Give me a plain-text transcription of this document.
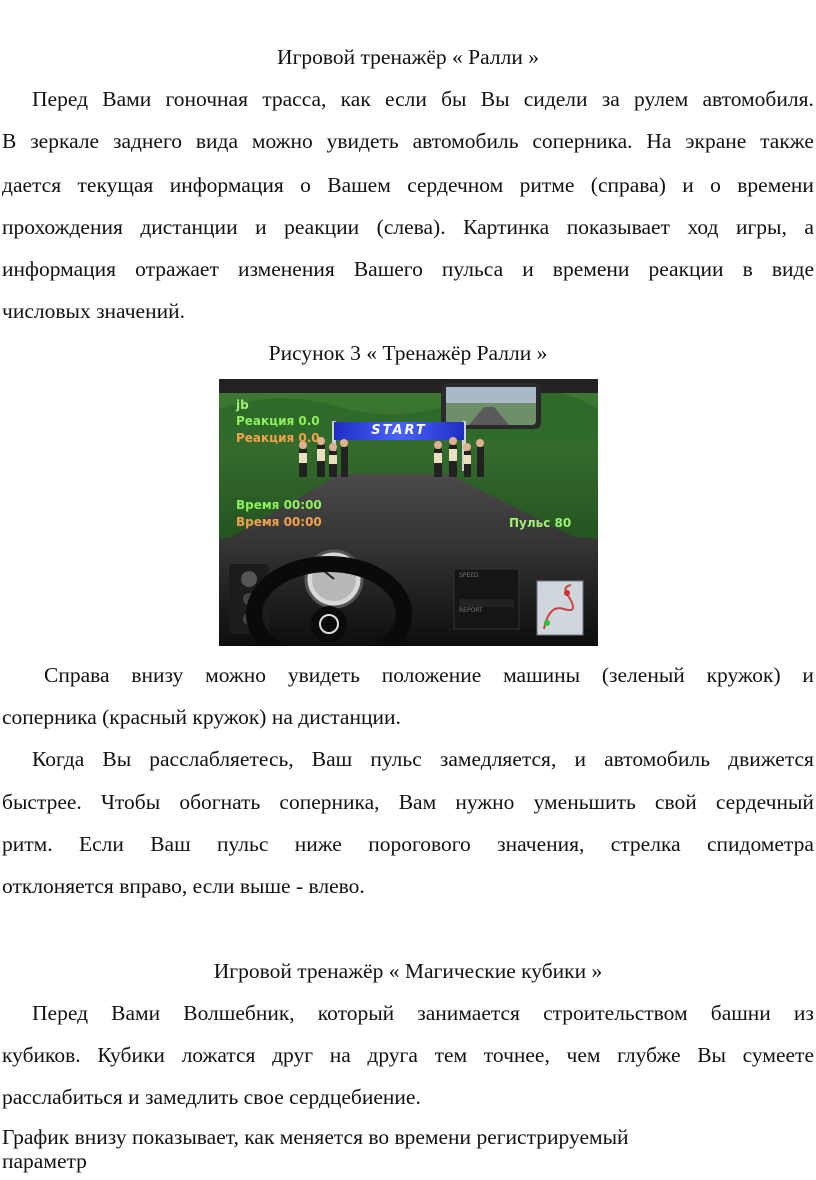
Игровой тренажёр « Ралли »
Перед Вами гоночная трасса, как если бы Вы сидели за рулем автомобиля.
В зеркале заднего вида можно увидеть автомобиль соперника. На экране также
дается текущая информация о Вашем сердечном ритме (справа) и о времени
прохождения дистанции и реакции (слева). Картинка показывает ход игры, а
информация отражает изменения Вашего пульса и времени реакции в виде
числовых значений.
Рисунок 3 « Тренажёр Ралли »
jb
Реакция 0.0
Реакция 0.0	START
Время 00:00
Время 00:00	Пульс 80
SPEED
REPORT
Справа внизу можно увидеть положение машины (зеленый кружок) и
соперника (красный кружок) на дистанции.
Когда Вы расслабляетесь, Ваш пульс замедляется, и автомобиль движется
быстрее. Чтобы обогнать соперника, Вам нужно уменьшить свой сердечный
ритм. Если Ваш пульс ниже порогового значения, стрелка спидометра
отклоняется вправо, если выше - влево.
Игровой тренажёр « Магические кубики »
Перед Вами Волшебник, который занимается строительством башни из
кубиков. Кубики ложатся друг на друга тем точнее, чем глубже Вы сумеете
расслабиться и замедлить свое сердцебиение.
График внизу показывает, как меняется во времени регистрируемый
параметр
